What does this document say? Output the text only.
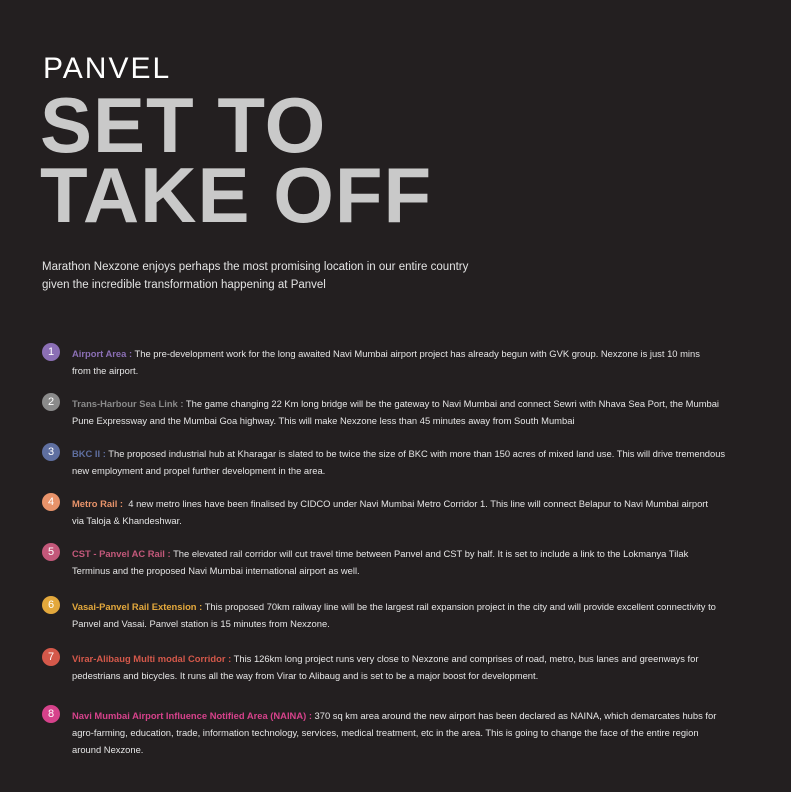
PANVEL
SET TO
TAKE OFF
Marathon Nexzone enjoys perhaps the most promising location in our entire country
given the incredible transformation happening at Panvel
1	Airport Area : The pre-development work for the long awaited Navi Mumbai airport project has already begun with GVK group. Nexzone is just 10 mins
from the airport.
2	Trans-Harbour Sea Link : The game changing 22 Km long bridge will be the gateway to Navi Mumbai and connect Sewri with Nhava Sea Port, the Mumbai
Pune Expressway and the Mumbai Goa highway. This will make Nexzone less than 45 minutes away from South Mumbai
3	BKC II : The proposed industrial hub at Kharagar is slated to be twice the size of BKC with more than 150 acres of mixed land use. This will drive tremendous
new employment and propel further development in the area.
4	Metro Rail :  4 new metro lines have been finalised by CIDCO under Navi Mumbai Metro Corridor 1. This line will connect Belapur to Navi Mumbai airport
via Taloja & Khandeshwar.
5	CST - Panvel AC Rail : The elevated rail corridor will cut travel time between Panvel and CST by half. It is set to include a link to the Lokmanya Tilak
Terminus and the proposed Navi Mumbai international airport as well.
6	Vasai-Panvel Rail Extension : This proposed 70km railway line will be the largest rail expansion project in the city and will provide excellent connectivity to
Panvel and Vasai. Panvel station is 15 minutes from Nexzone.
7	Virar-Alibaug Multi modal Corridor : This 126km long project runs very close to Nexzone and comprises of road, metro, bus lanes and greenways for
pedestrians and bicycles. It runs all the way from Virar to Alibaug and is set to be a major boost for development.
8	Navi Mumbai Airport Influence Notified Area (NAINA) : 370 sq km area around the new airport has been declared as NAINA, which demarcates hubs for
agro-farming, education, trade, information technology, services, medical treatment, etc in the area. This is going to change the face of the entire region
around Nexzone.
